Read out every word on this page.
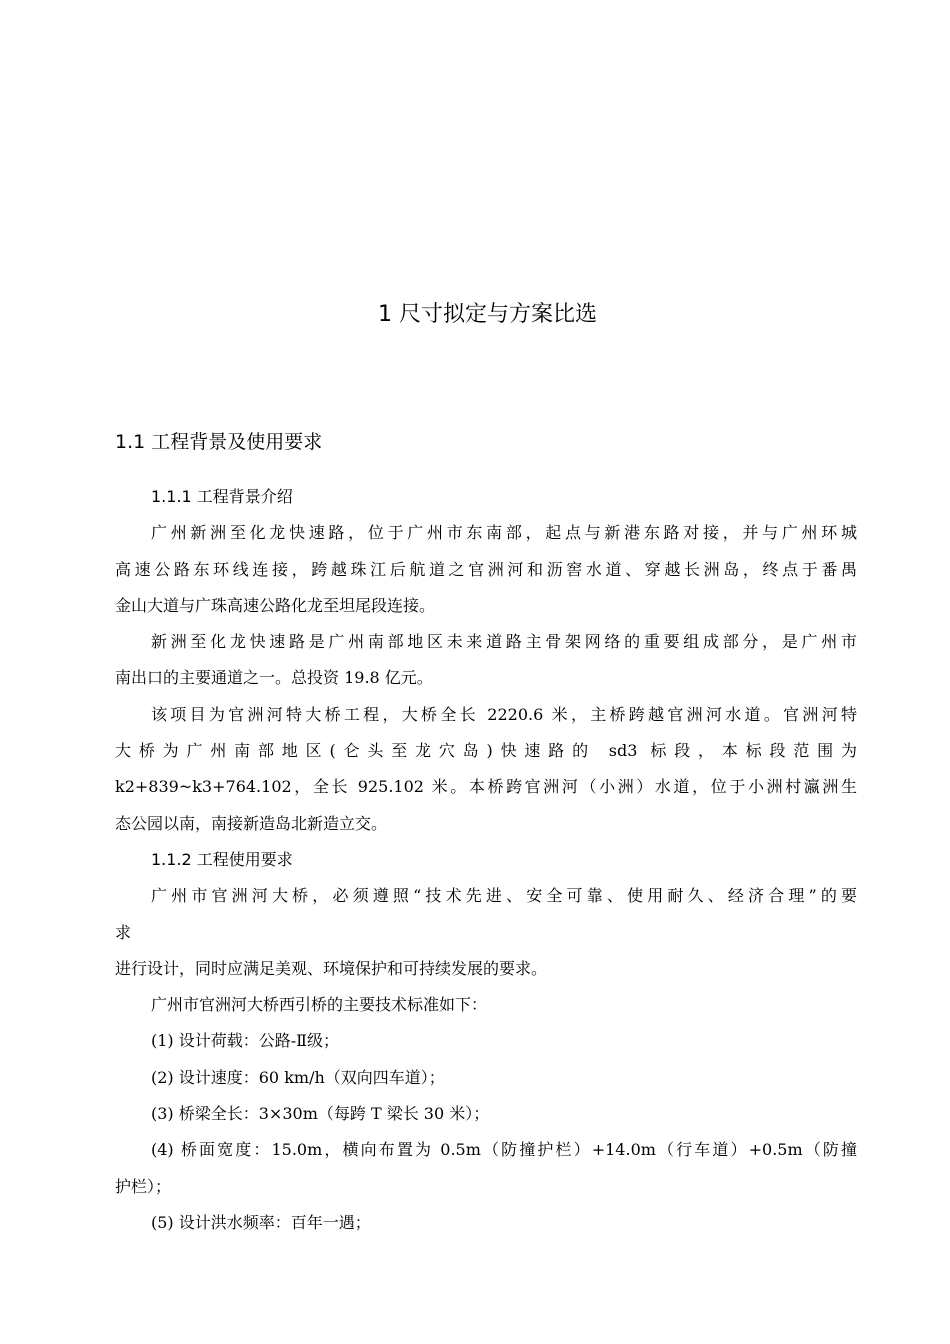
1 尺寸拟定与方案比选
1.1 工程背景及使用要求

1.1.1 工程背景介绍

广州新洲至化龙快速路，位于广州市东南部，起点与新港东路对接，并与广州环城

高速公路东环线连接，跨越珠江后航道之官洲河和沥窖水道、穿越长洲岛，终点于番禺

金山大道与广珠高速公路化龙至坦尾段连接。

新洲至化龙快速路是广州南部地区未来道路主骨架网络的重要组成部分，是广州市

南出口的主要通道之一。总投资 19.8 亿元。

该项目为官洲河特大桥工程，大桥全长 2220.6 米，主桥跨越官洲河水道。官洲河特

大桥为广州南部地区(仑头至龙穴岛)快速路的 sd3 标段，本标段范围为

k2+839~k3+764.102，全长 925.102 米。本桥跨官洲河（小洲）水道，位于小洲村瀛洲生

态公园以南，南接新造岛北新造立交。

1.1.2 工程使用要求

广州市官洲河大桥，必须遵照“技术先进、安全可靠、使用耐久、经济合理”的要

求

进行设计，同时应满足美观、环境保护和可持续发展的要求。

广州市官洲河大桥西引桥的主要技术标准如下：

(1) 设计荷载：公路-Ⅱ级；

(2) 设计速度：60 km/h（双向四车道）；

(3) 桥梁全长：3×30m（每跨 T 梁长 30 米）；

(4) 桥面宽度：15.0m，横向布置为 0.5m（防撞护栏）+14.0m（行车道）+0.5m（防撞

护栏）；

(5) 设计洪水频率：百年一遇；
